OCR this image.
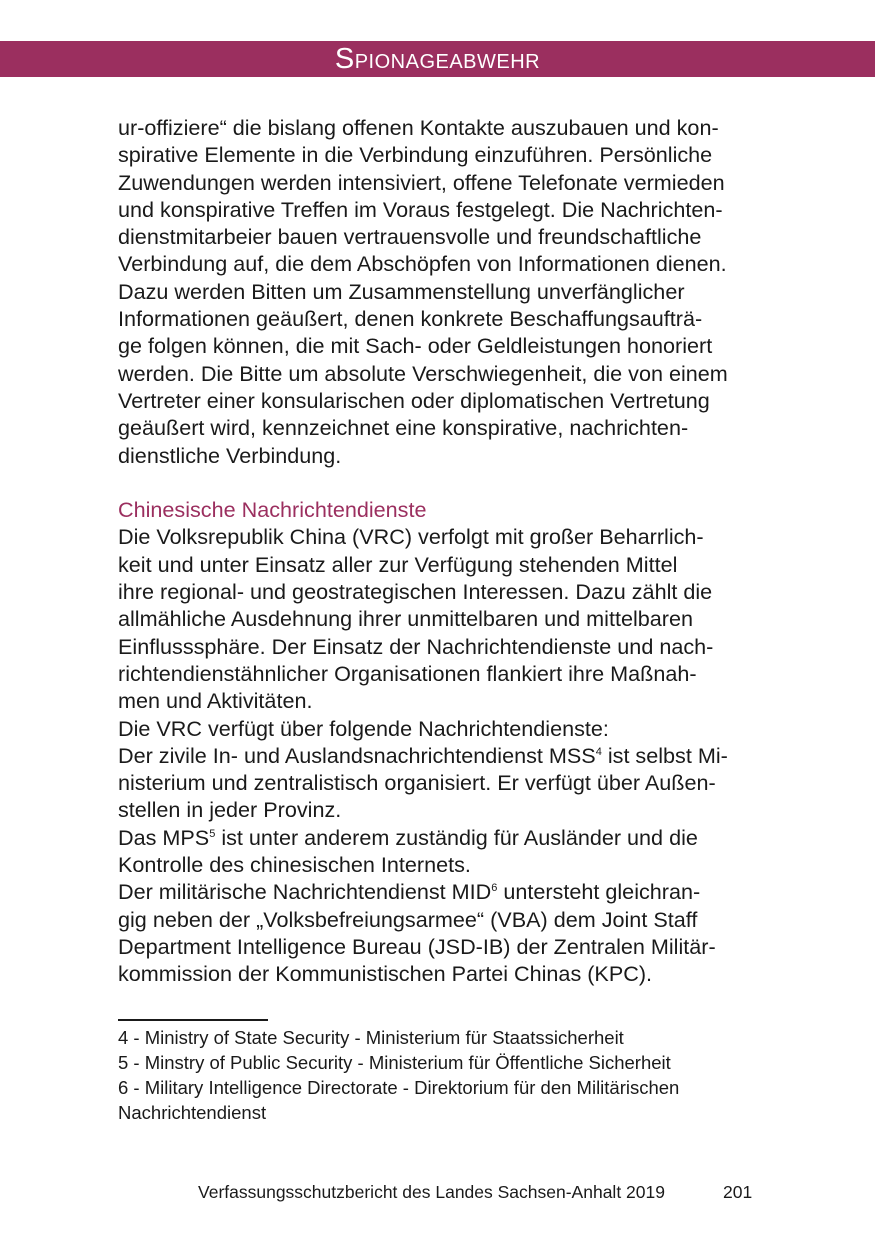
Spionageabwehr
ur-offiziere“ die bislang offenen Kontakte auszubauen und kon-
spirative Elemente in die Verbindung einzuführen. Persönliche
Zuwendungen werden intensiviert, offene Telefonate vermieden
und konspirative Treffen im Voraus festgelegt. Die Nachrichten-
dienstmitarbeier bauen vertrauensvolle und freundschaftliche
Verbindung auf, die dem Abschöpfen von Informationen dienen.
Dazu werden Bitten um Zusammenstellung unverfänglicher
Informationen geäußert, denen konkrete Beschaffungsaufträ-
ge folgen können, die mit Sach- oder Geldleistungen honoriert
werden. Die Bitte um absolute Verschwiegenheit, die von einem
Vertreter einer konsularischen oder diplomatischen Vertretung
geäußert wird, kennzeichnet eine konspirative, nachrichten-
dienstliche Verbindung.
Chinesische Nachrichtendienste
Die Volksrepublik China (VRC) verfolgt mit großer Beharrlich-
keit und unter Einsatz aller zur Verfügung stehenden Mittel
ihre regional- und geostrategischen Interessen. Dazu zählt die
allmähliche Ausdehnung ihrer unmittelbaren und mittelbaren
Einflusssphäre. Der Einsatz der Nachrichtendienste und nach-
richtendienstähnlicher Organisationen flankiert ihre Maßnah-
men und Aktivitäten.
Die VRC verfügt über folgende Nachrichtendienste:
Der zivile In- und Auslandsnachrichtendienst MSS$^4$ ist selbst Mi-
nisterium und zentralistisch organisiert. Er verfügt über Außen-
stellen in jeder Provinz.
Das MPS$^5$ ist unter anderem zuständig für Ausländer und die
Kontrolle des chinesischen Internets.
Der militärische Nachrichtendienst MID$^6$ untersteht gleichran-
gig neben der „Volksbefreiungsarmee“ (VBA) dem Joint Staff
Department Intelligence Bureau (JSD-IB) der Zentralen Militär-
kommission der Kommunistischen Partei Chinas (KPC).
4 - Ministry of State Security - Ministerium für Staatssicherheit
5 - Minstry of Public Security - Ministerium für Öffentliche Sicherheit
6 - Military Intelligence Directorate - Direktorium für den Militärischen
Nachrichtendienst
Verfassungsschutzbericht des Landes Sachsen-Anhalt 2019	201
